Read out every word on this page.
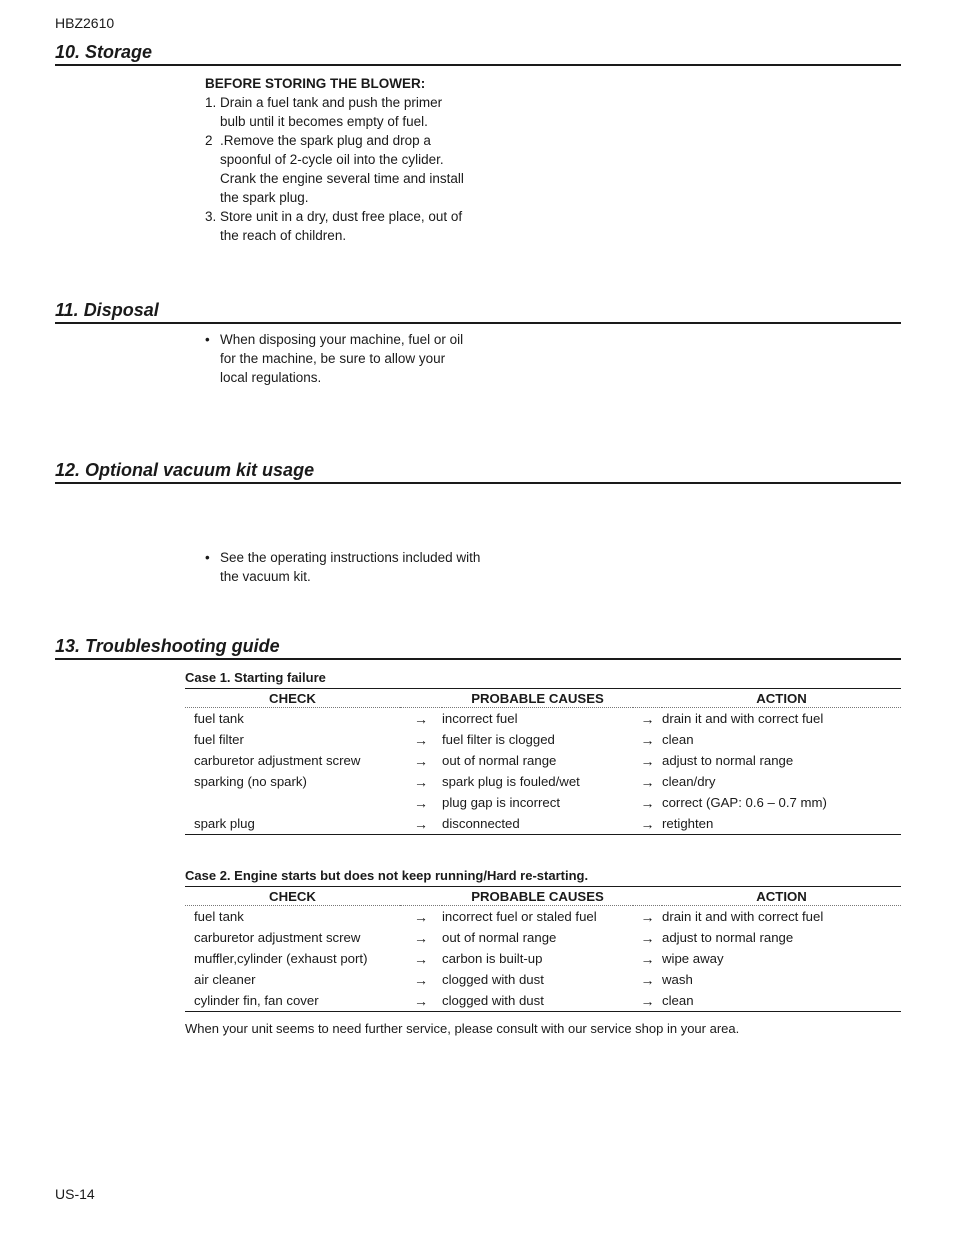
HBZ2610
US-14
10. Storage
BEFORE STORING THE BLOWER:
1. Drain a fuel tank and push the primer bulb until it becomes empty of fuel.
2 .Remove the spark plug and drop a spoonful of 2-cycle oil into the cylider. Crank the engine several time and install the spark plug.
3. Store unit in a dry, dust free place, out of the reach of children.
11. Disposal
• When disposing your machine, fuel or oil for the machine, be sure to allow your local regulations.
12. Optional vacuum kit usage
• See the operating instructions included with the vacuum kit.
13. Troubleshooting guide
Case 1. Starting failure
CHECK		PROBABLE CAUSES		ACTION
fuel tank	→	incorrect fuel	→	drain it and with correct fuel
fuel filter	→	fuel filter is clogged	→	clean
carburetor adjustment screw	→	out of normal range	→	adjust to normal range
sparking (no spark)	→	spark plug is fouled/wet	→	clean/dry
	→	plug gap is incorrect	→	correct (GAP: 0.6 – 0.7 mm)
spark plug	→	disconnected	→	retighten
Case 2. Engine starts but does not keep running/Hard re-starting.
CHECK		PROBABLE CAUSES		ACTION
fuel tank	→	incorrect fuel or staled fuel	→	drain it and with correct fuel
carburetor adjustment screw	→	out of normal range	→	adjust to normal range
muffler,cylinder (exhaust port)	→	carbon is built-up	→	wipe away
air cleaner	→	clogged with dust	→	wash
cylinder fin, fan cover	→	clogged with dust	→	clean
When your unit seems to need further service, please consult with our service shop in your area.
